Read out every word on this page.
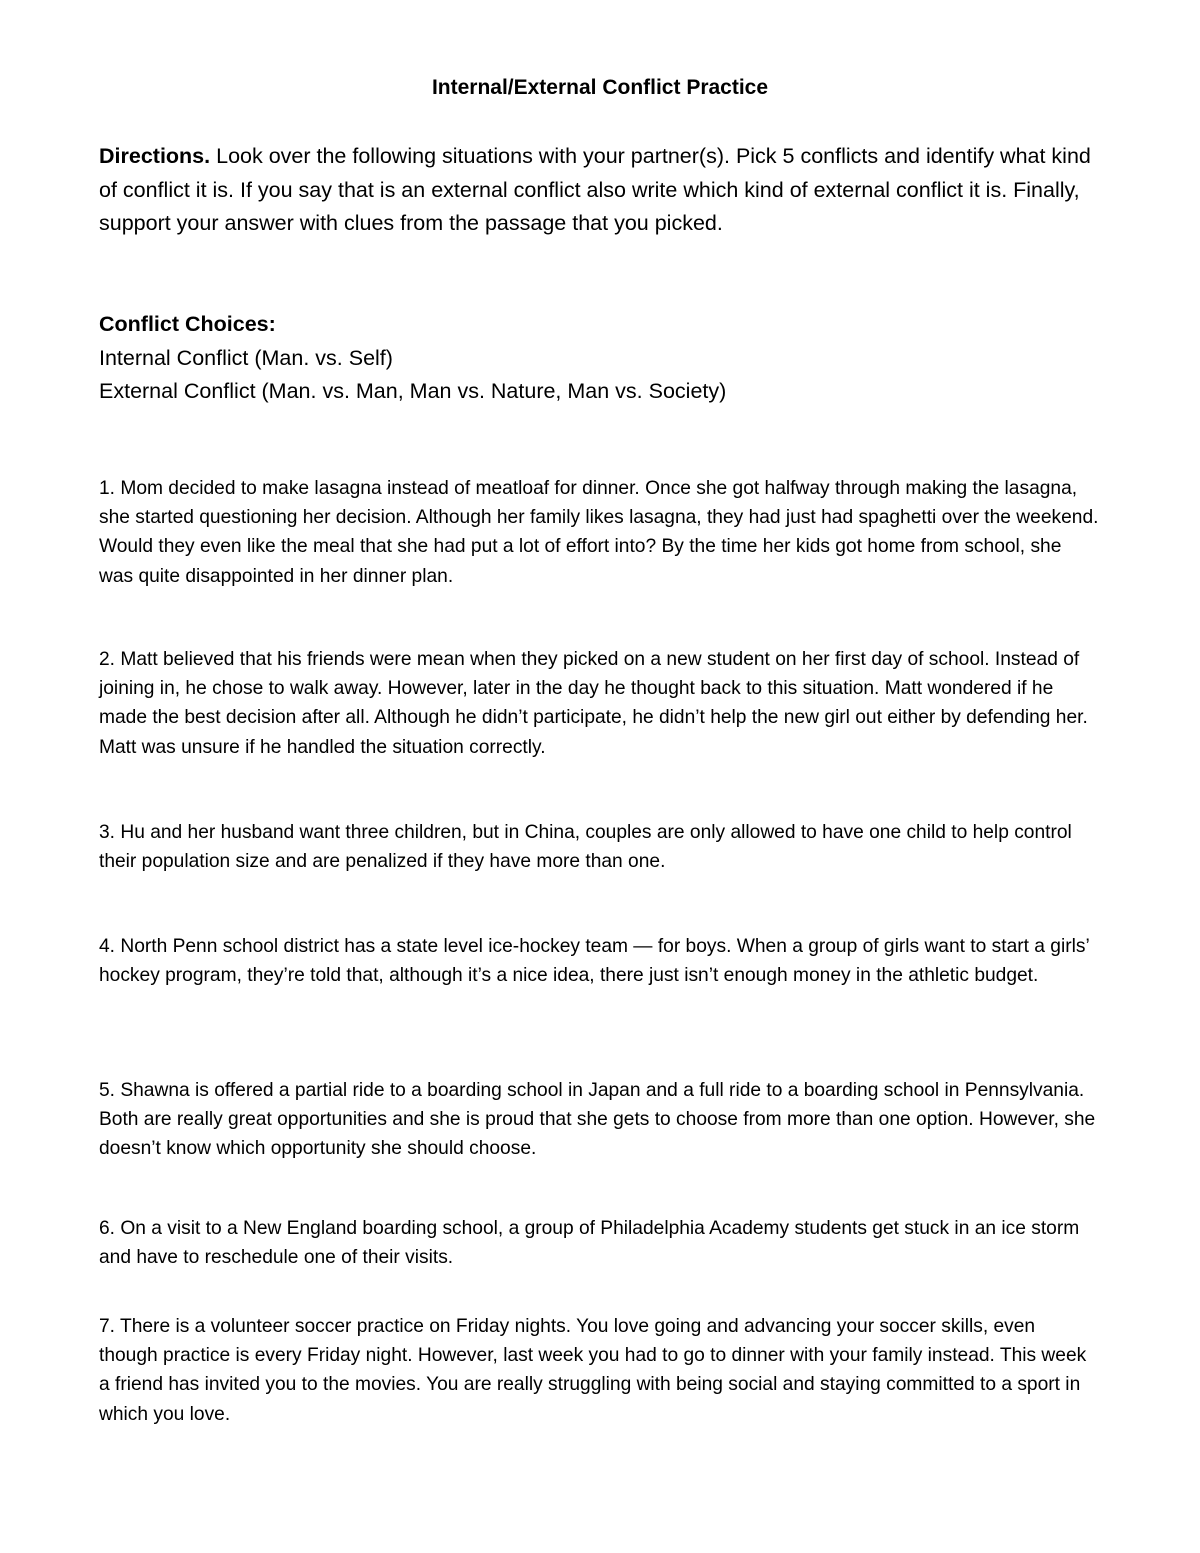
Internal/External Conflict Practice
Directions. Look over the following situations with your partner(s). Pick 5 conflicts and identify what kind of conflict it is. If you say that is an external conflict also write which kind of external conflict it is. Finally, support your answer with clues from the passage that you picked.
Conflict Choices:
Internal Conflict (Man. vs. Self)
External Conflict (Man. vs. Man, Man vs. Nature, Man vs. Society)

1. Mom decided to make lasagna instead of meatloaf for dinner. Once she got halfway through making the lasagna, she started questioning her decision. Although her family likes lasagna, they had just had spaghetti over the weekend. Would they even like the meal that she had put a lot of effort into? By the time her kids got home from school, she was quite disappointed in her dinner plan.

2. Matt believed that his friends were mean when they picked on a new student on her first day of school. Instead of joining in, he chose to walk away. However, later in the day he thought back to this situation. Matt wondered if he made the best decision after all. Although he didn’t participate, he didn’t help the new girl out either by defending her. Matt was unsure if he handled the situation correctly.

3. Hu and her husband want three children, but in China, couples are only allowed to have one child to help control their population size and are penalized if they have more than one.

4. North Penn school district has a state level ice-hockey team — for boys. When a group of girls want to start a girls’ hockey program, they’re told that, although it’s a nice idea, there just isn’t enough money in the athletic budget.

5. Shawna is offered a partial ride to a boarding school in Japan and a full ride to a boarding school in Pennsylvania. Both are really great opportunities and she is proud that she gets to choose from more than one option. However, she doesn’t know which opportunity she should choose.

6. On a visit to a New England boarding school, a group of Philadelphia Academy students get stuck in an ice storm and have to reschedule one of their visits.

7. There is a volunteer soccer practice on Friday nights. You love going and advancing your soccer skills, even though practice is every Friday night. However, last week you had to go to dinner with your family instead. This week a friend has invited you to the movies. You are really struggling with being social and staying committed to a sport in which you love.
